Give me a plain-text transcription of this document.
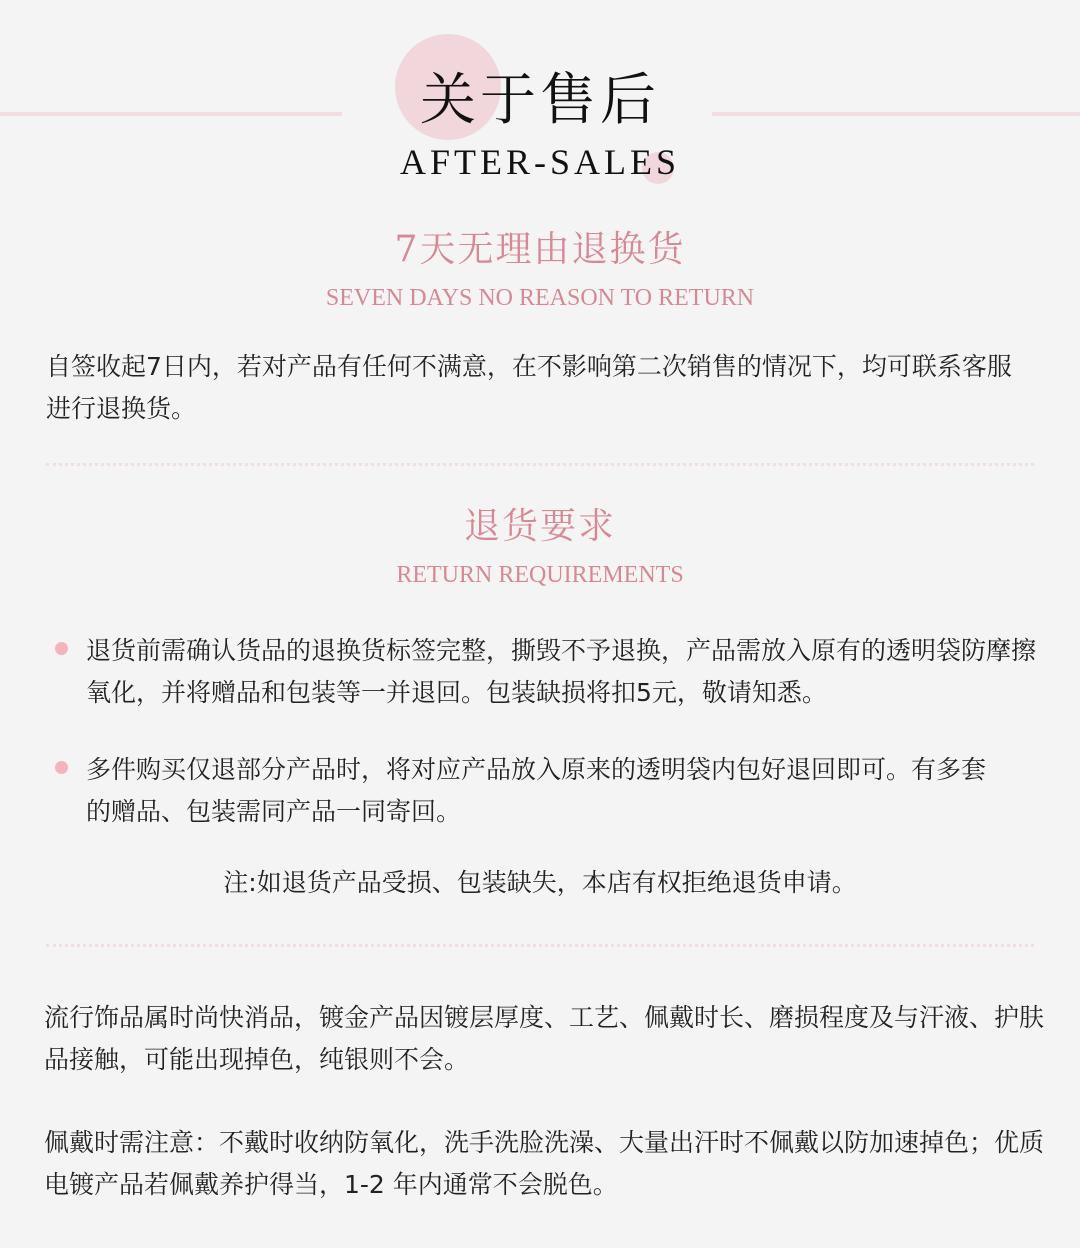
关于售后
AFTER-SALES
7天无理由退换货
SEVEN DAYS NO REASON TO RETURN
自签收起7日内，若对产品有任何不满意，在不影响第二次销售的情况下，均可联系客服进行退换货。
退货要求
RETURN REQUIREMENTS
退货前需确认货品的退换货标签完整，撕毁不予退换，产品需放入原有的透明袋防摩擦氧化，并将赠品和包装等一并退回。包装缺损将扣5元，敬请知悉。
多件购买仅退部分产品时，将对应产品放入原来的透明袋内包好退回即可。有多套的赠品、包装需同产品一同寄回。
注:如退货产品受损、包装缺失，本店有权拒绝退货申请。
流行饰品属时尚快消品，镀金产品因镀层厚度、工艺、佩戴时长、磨损程度及与汗液、护肤品接触，可能出现掉色，纯银则不会。
佩戴时需注意：不戴时收纳防氧化，洗手洗脸洗澡、大量出汗时不佩戴以防加速掉色；优质电镀产品若佩戴养护得当，1-2 年内通常不会脱色。
